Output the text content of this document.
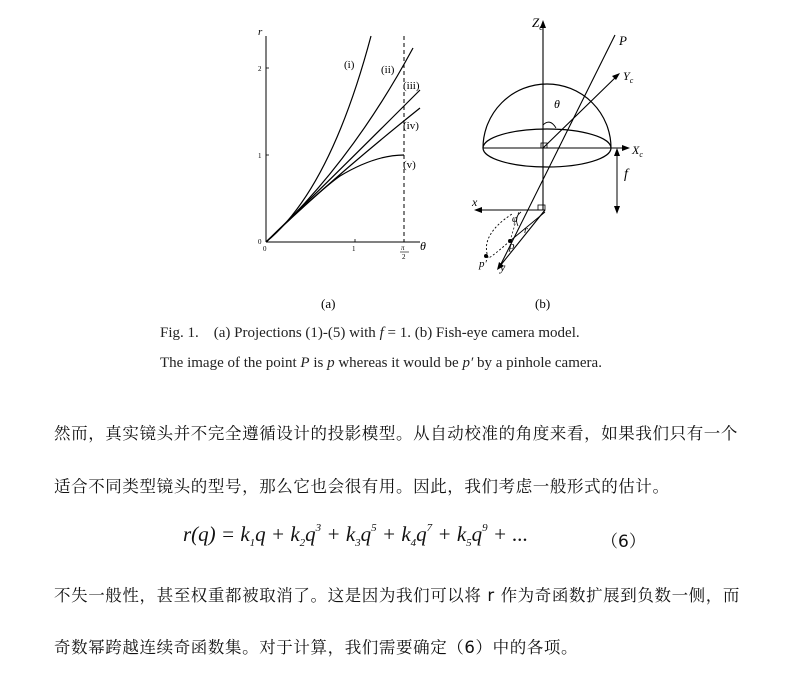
r
θ
2
1
0
0	1	π
2
(i) (ii)
(iii)
(iv)
(v)
(a)
$Z_c$
P
$Y_c$
$X_c$
θ
f
x
φ
r
p
p′ y
(b)
Fig. 1. (a) Projections (1)-(5) with f = 1. (b) Fish-eye camera model.
The image of the point P is p whereas it would be p′ by a pinhole camera.
然而，真实镜头并不完全遵循设计的投影模型。从自动校准的角度来看，如果我们只有一个
适合不同类型镜头的型号，那么它也会很有用。因此，我们考虑一般形式的估计。
$r(q) = k_1q + k_2q^3 + k_3q^5 + k_4q^7 + k_5q^9$ + ...	（6）
不失一般性，甚至权重都被取消了。这是因为我们可以将 r 作为奇函数扩展到负数一侧，而
奇数幂跨越连续奇函数集。对于计算，我们需要确定（6）中的各项。
